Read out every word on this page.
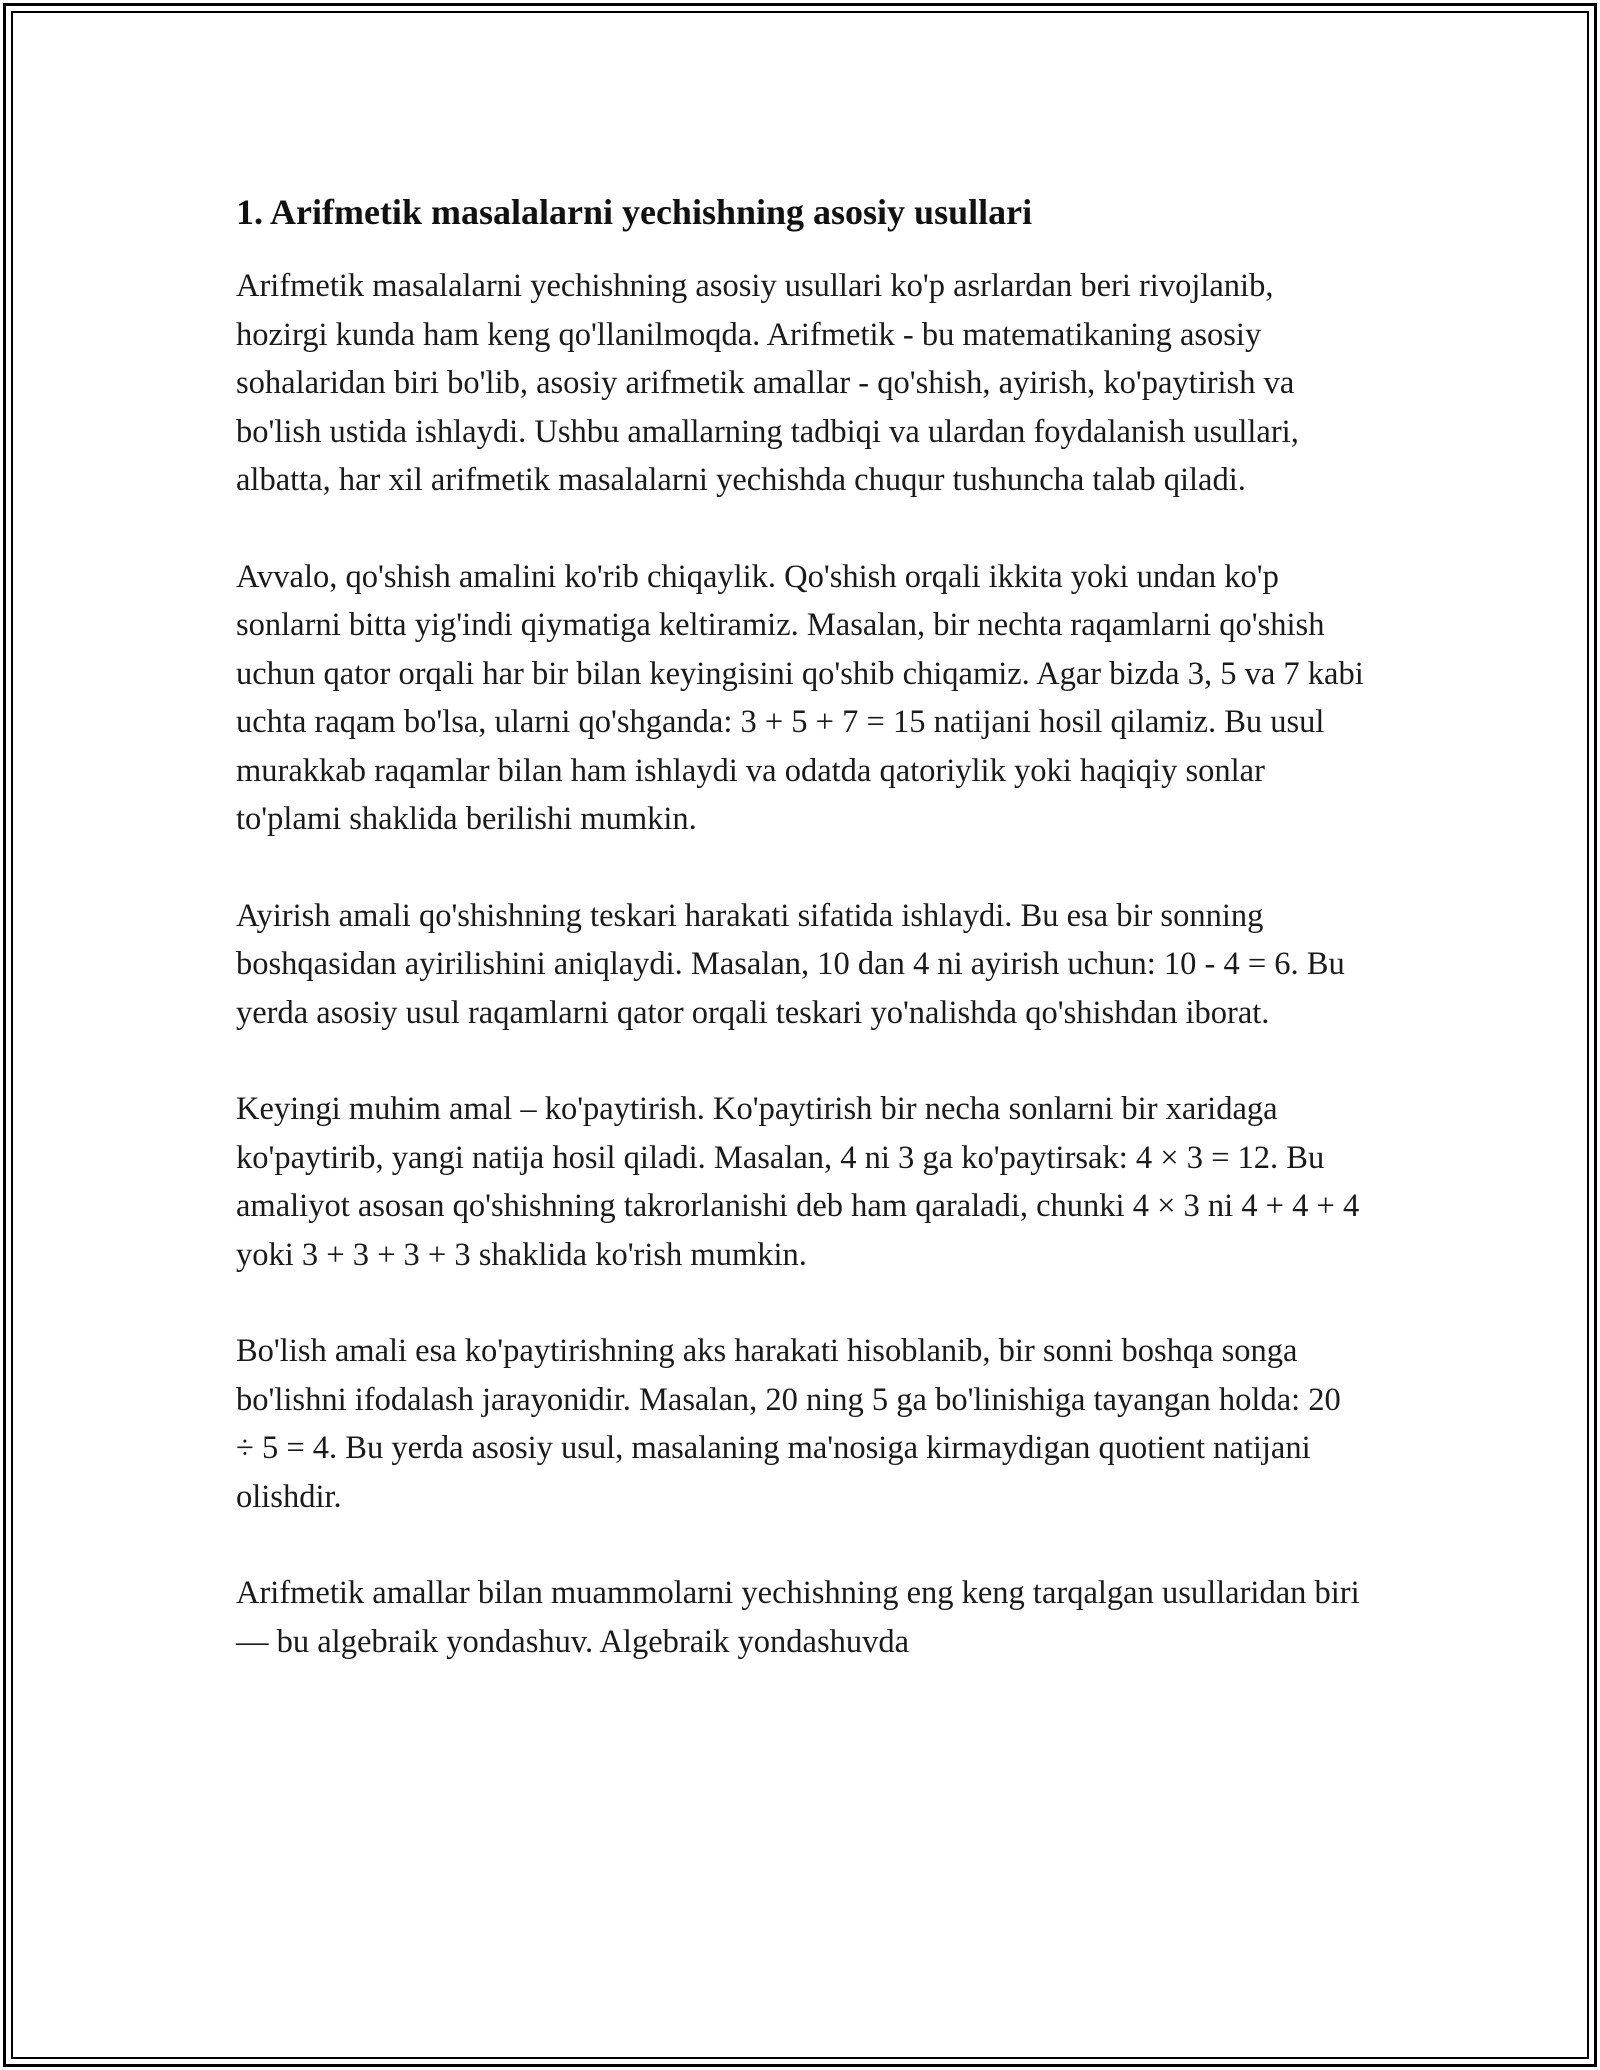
1. Arifmetik masalalarni yechishning asosiy usullari

Arifmetik masalalarni yechishning asosiy usullari ko'p asrlardan beri rivojlanib, hozirgi kunda ham keng qo'llanilmoqda. Arifmetik - bu matematikaning asosiy sohalaridan biri bo'lib, asosiy arifmetik amallar - qo'shish, ayirish, ko'paytirish va bo'lish ustida ishlaydi. Ushbu amallarning tadbiqi va ulardan foydalanish usullari, albatta, har xil arifmetik masalalarni yechishda chuqur tushuncha talab qiladi.

Avvalo, qo'shish amalini ko'rib chiqaylik. Qo'shish orqali ikkita yoki undan ko'p sonlarni bitta yig'indi qiymatiga keltiramiz. Masalan, bir nechta raqamlarni qo'shish uchun qator orqali har bir bilan keyingisini qo'shib chiqamiz. Agar bizda 3, 5 va 7 kabi uchta raqam bo'lsa, ularni qo'shganda: 3 + 5 + 7 = 15 natijani hosil qilamiz. Bu usul murakkab raqamlar bilan ham ishlaydi va odatda qatoriylik yoki haqiqiy sonlar to'plami shaklida berilishi mumkin.

Ayirish amali qo'shishning teskari harakati sifatida ishlaydi. Bu esa bir sonning boshqasidan ayirilishini aniqlaydi. Masalan, 10 dan 4 ni ayirish uchun: 10 - 4 = 6. Bu yerda asosiy usul raqamlarni qator orqali teskari yo'nalishda qo'shishdan iborat.

Keyingi muhim amal – ko'paytirish. Ko'paytirish bir necha sonlarni bir xaridaga ko'paytirib, yangi natija hosil qiladi. Masalan, 4 ni 3 ga ko'paytirsak: 4 × 3 = 12. Bu amaliyot asosan qo'shishning takrorlanishi deb ham qaraladi, chunki 4 × 3 ni 4 + 4 + 4 yoki 3 + 3 + 3 + 3 shaklida ko'rish mumkin.

Bo'lish amali esa ko'paytirishning aks harakati hisoblanib, bir sonni boshqa songa bo'lishni ifodalash jarayonidir. Masalan, 20 ning 5 ga bo'linishiga tayangan holda: 20 ÷ 5 = 4. Bu yerda asosiy usul, masalaning ma'nosiga kirmaydigan quotient natijani olishdir.

Arifmetik amallar bilan muammolarni yechishning eng keng tarqalgan usullaridan biri — bu algebraik yondashuv. Algebraik yondashuvda
